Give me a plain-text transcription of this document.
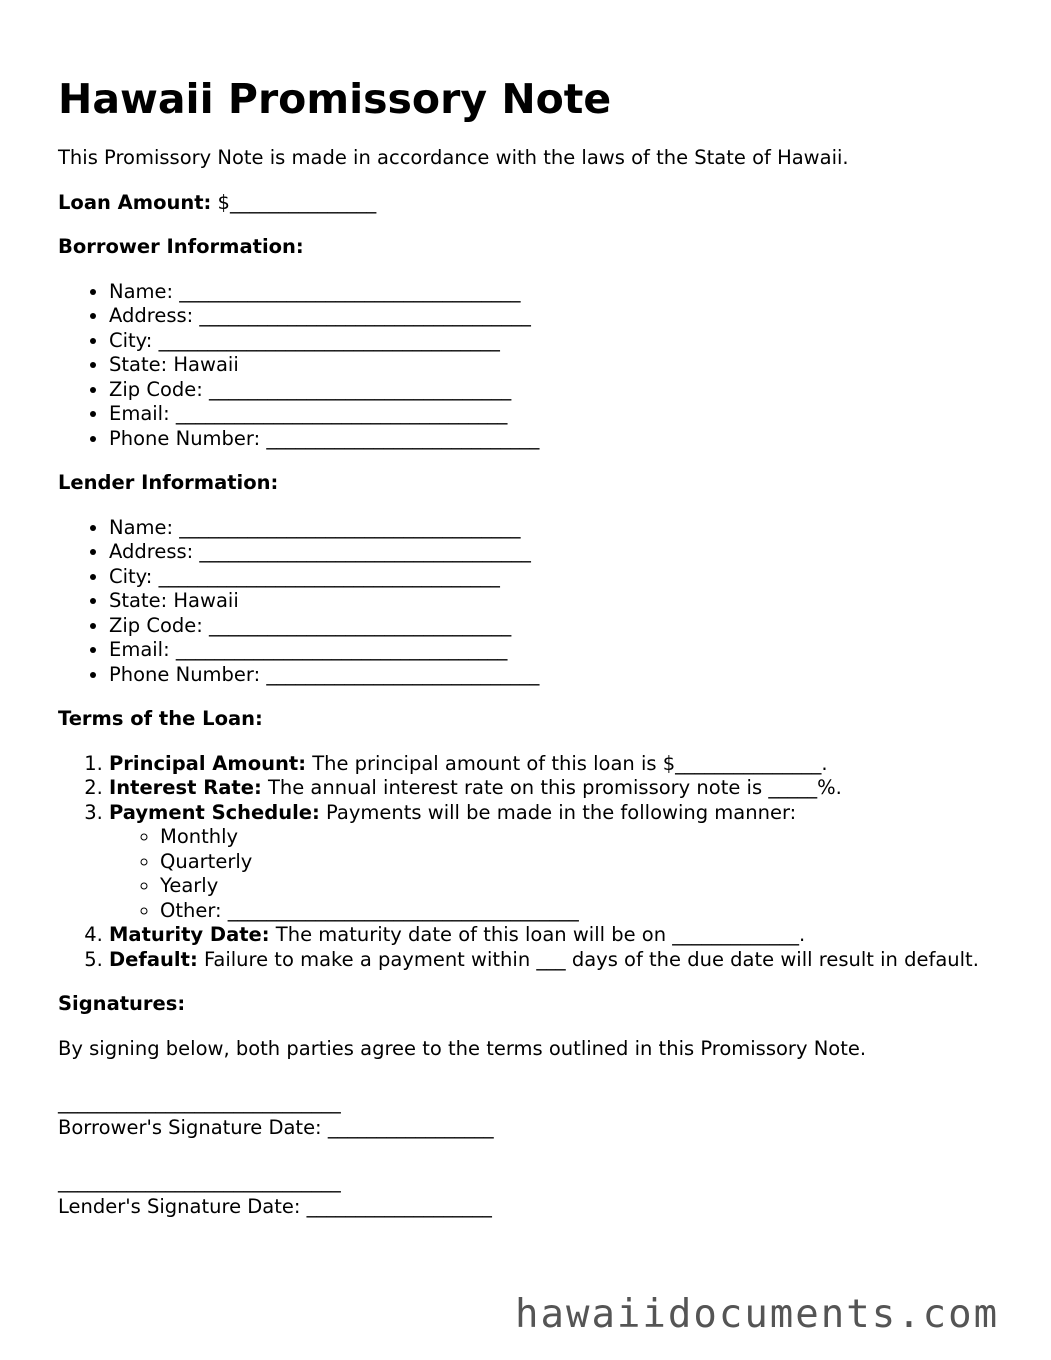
Hawaii Promissory Note

This Promissory Note is made in accordance with the laws of the State of Hawaii.

Loan Amount: $_______________

Borrower Information:

• Name: ___________________________________
• Address: __________________________________
• City: ___________________________________
• State: Hawaii
• Zip Code: _______________________________
• Email: __________________________________
• Phone Number: ____________________________

Lender Information:

• Name: ___________________________________
• Address: __________________________________
• City: ___________________________________
• State: Hawaii
• Zip Code: _______________________________
• Email: __________________________________
• Phone Number: ____________________________

Terms of the Loan:

1. Principal Amount: The principal amount of this loan is $_______________.
2. Interest Rate: The annual interest rate on this promissory note is _____%.
3. Payment Schedule: Payments will be made in the following manner:
◦ Monthly
◦ Quarterly
◦ Yearly
◦ Other: ____________________________________
4. Maturity Date: The maturity date of this loan will be on _____________.
5. Default: Failure to make a payment within ___ days of the due date will result in default.

Signatures:

By signing below, both parties agree to the terms outlined in this Promissory Note.

_____________________________
Borrower's Signature Date: _________________

_____________________________
Lender's Signature Date: ___________________

hawaiidocuments.com
